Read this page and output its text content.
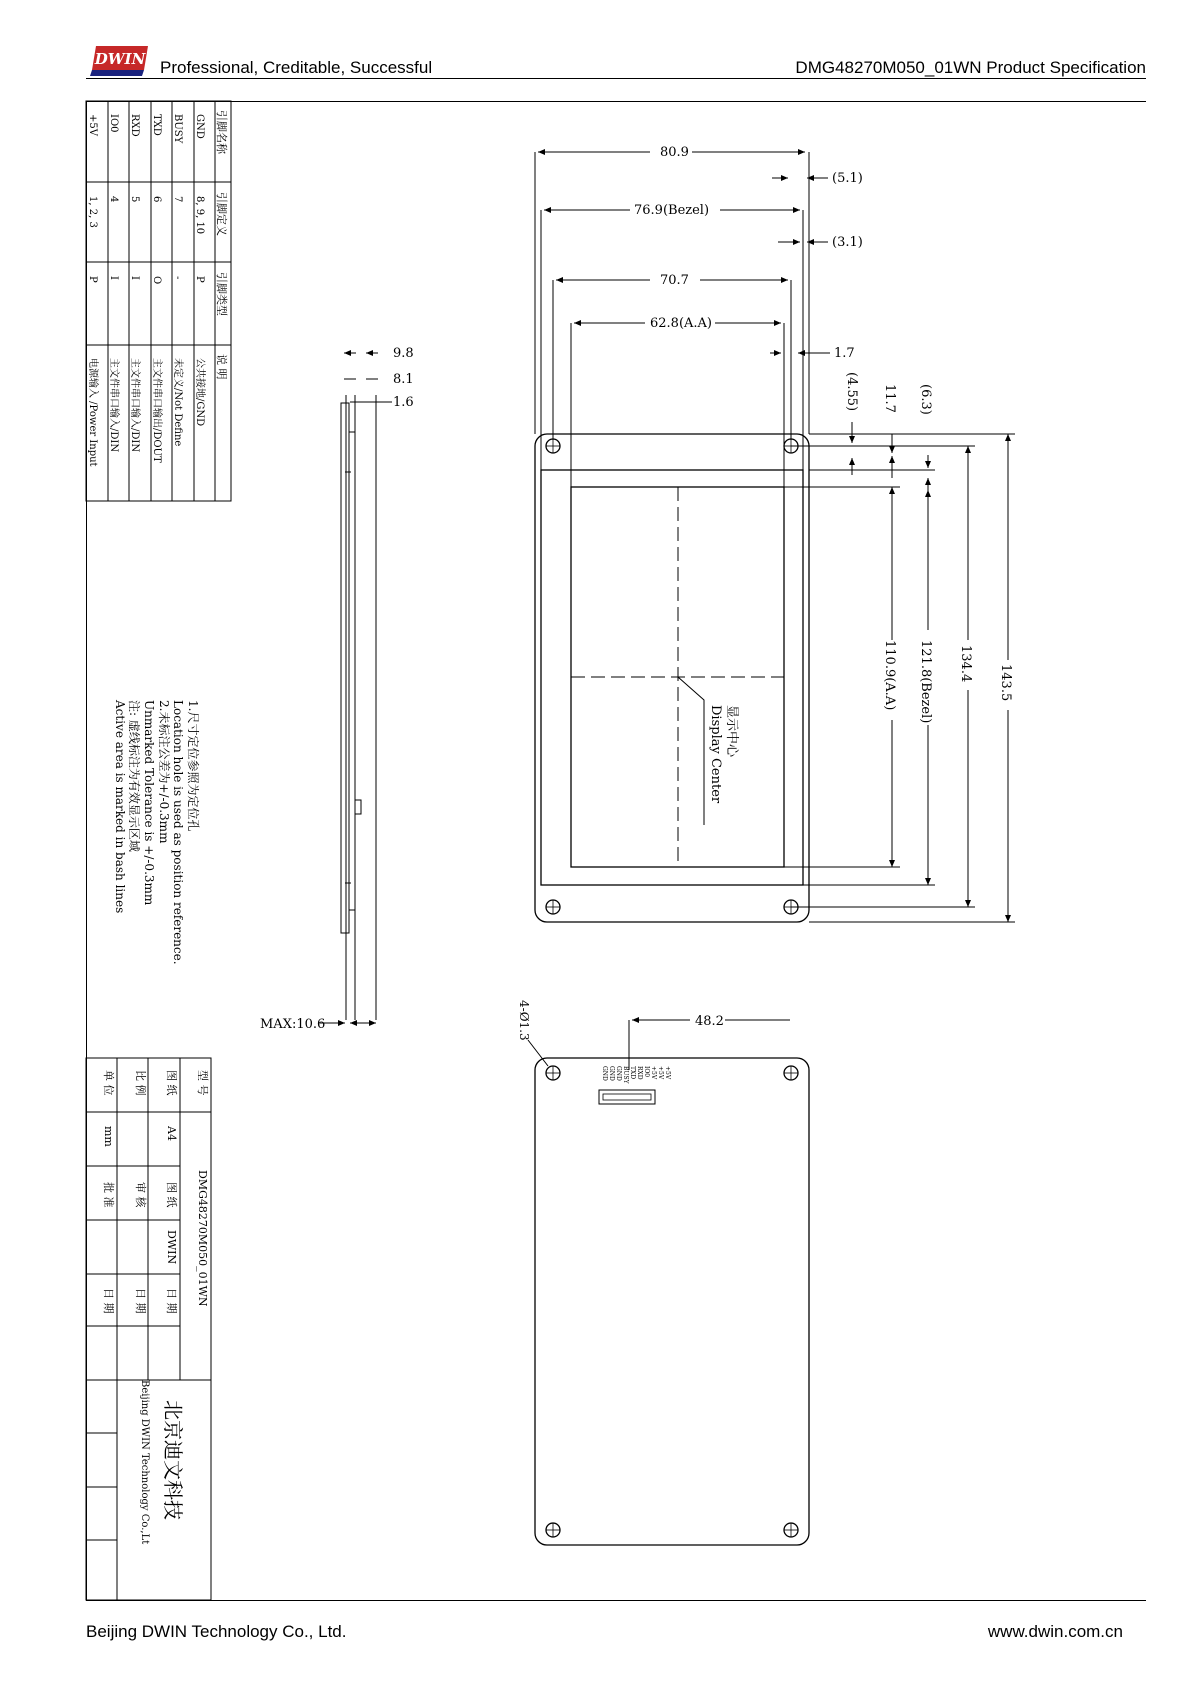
DWIN Professional, Creditable, Successful	DMG48270M050_01WN Product Specification
引脚名称
引脚定义
引脚类型
说 明
GND
8, 9, 10
P
公共接地/GND
BUSY
7
-
未定义/Not Define
TXD
6
O
主文件串口输出/DOUT
RXD
5
I
主文件串口输入/DIN
IO0
4
I
主文件串口输入/DIN
+5V
1, 2, 3
P
电源输入 /Power Input
1.尺寸定位参照为定位孔
Location hole is used as position reference.
2.未标注公差为+/-0.3mm
Unmarked Tolerance is +/-0.3mm
注: 虚线标注为有效显示区域
Active area is marked in bash lines
型 号
DMG48270M050_01WN
图 纸
A4
图 纸
DWIN
日 期
比 例
审 核
日 期
单 位
mm
批 准
日 期
北京迪文科技
Beijing DWIN Technology Co.,Lt
9.8
8.1
1.6
MAX:10.6
显示中心
Display Center
80.9
(5.1)
76.9(Bezel)
(3.1)
70.7
62.8(A.A)
1.7
(4.55) 11.7 (6.3)
110.9(A.A) 121.8(Bezel) 134.4
143.5
48.2
4-Ø1.3
+5V
+5V
+5V
IO0
RXD
TXD
BUSY
GND
GND
GND
Beijing DWIN Technology Co., Ltd.	www.dwin.com.cn
